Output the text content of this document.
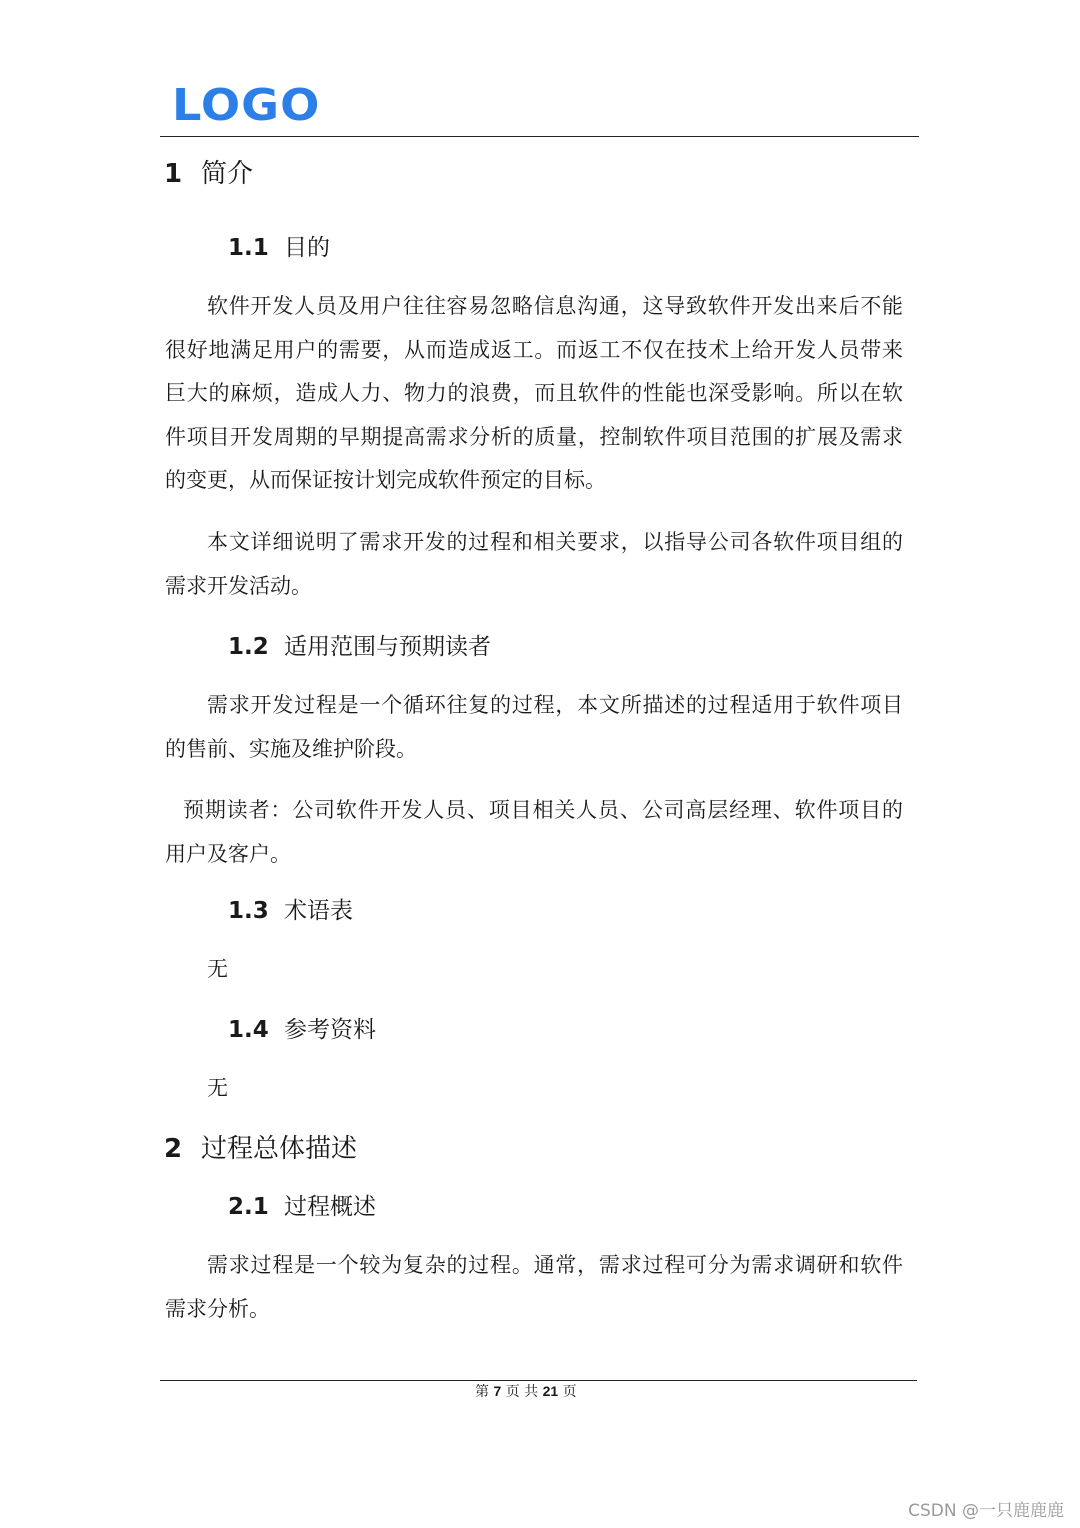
LOGO
1 简介
1.1 目的
软件开发人员及用户往往容易忽略信息沟通，这导致软件开发出来后不能
很好地满足用户的需要，从而造成返工。而返工不仅在技术上给开发人员带来
巨大的麻烦，造成人力、物力的浪费，而且软件的性能也深受影响。所以在软
件项目开发周期的早期提高需求分析的质量，控制软件项目范围的扩展及需求
的变更，从而保证按计划完成软件预定的目标。
本文详细说明了需求开发的过程和相关要求，以指导公司各软件项目组的
需求开发活动。
1.2 适用范围与预期读者
需求开发过程是一个循环往复的过程，本文所描述的过程适用于软件项目
的售前、实施及维护阶段。
预期读者：公司软件开发人员、项目相关人员、公司高层经理、软件项目的
用户及客户。
1.3 术语表
无
1.4 参考资料
无
2 过程总体描述
2.1 过程概述
需求过程是一个较为复杂的过程。通常，需求过程可分为需求调研和软件
需求分析。
第 7 页 共 21 页
CSDN @一只鹿鹿鹿
